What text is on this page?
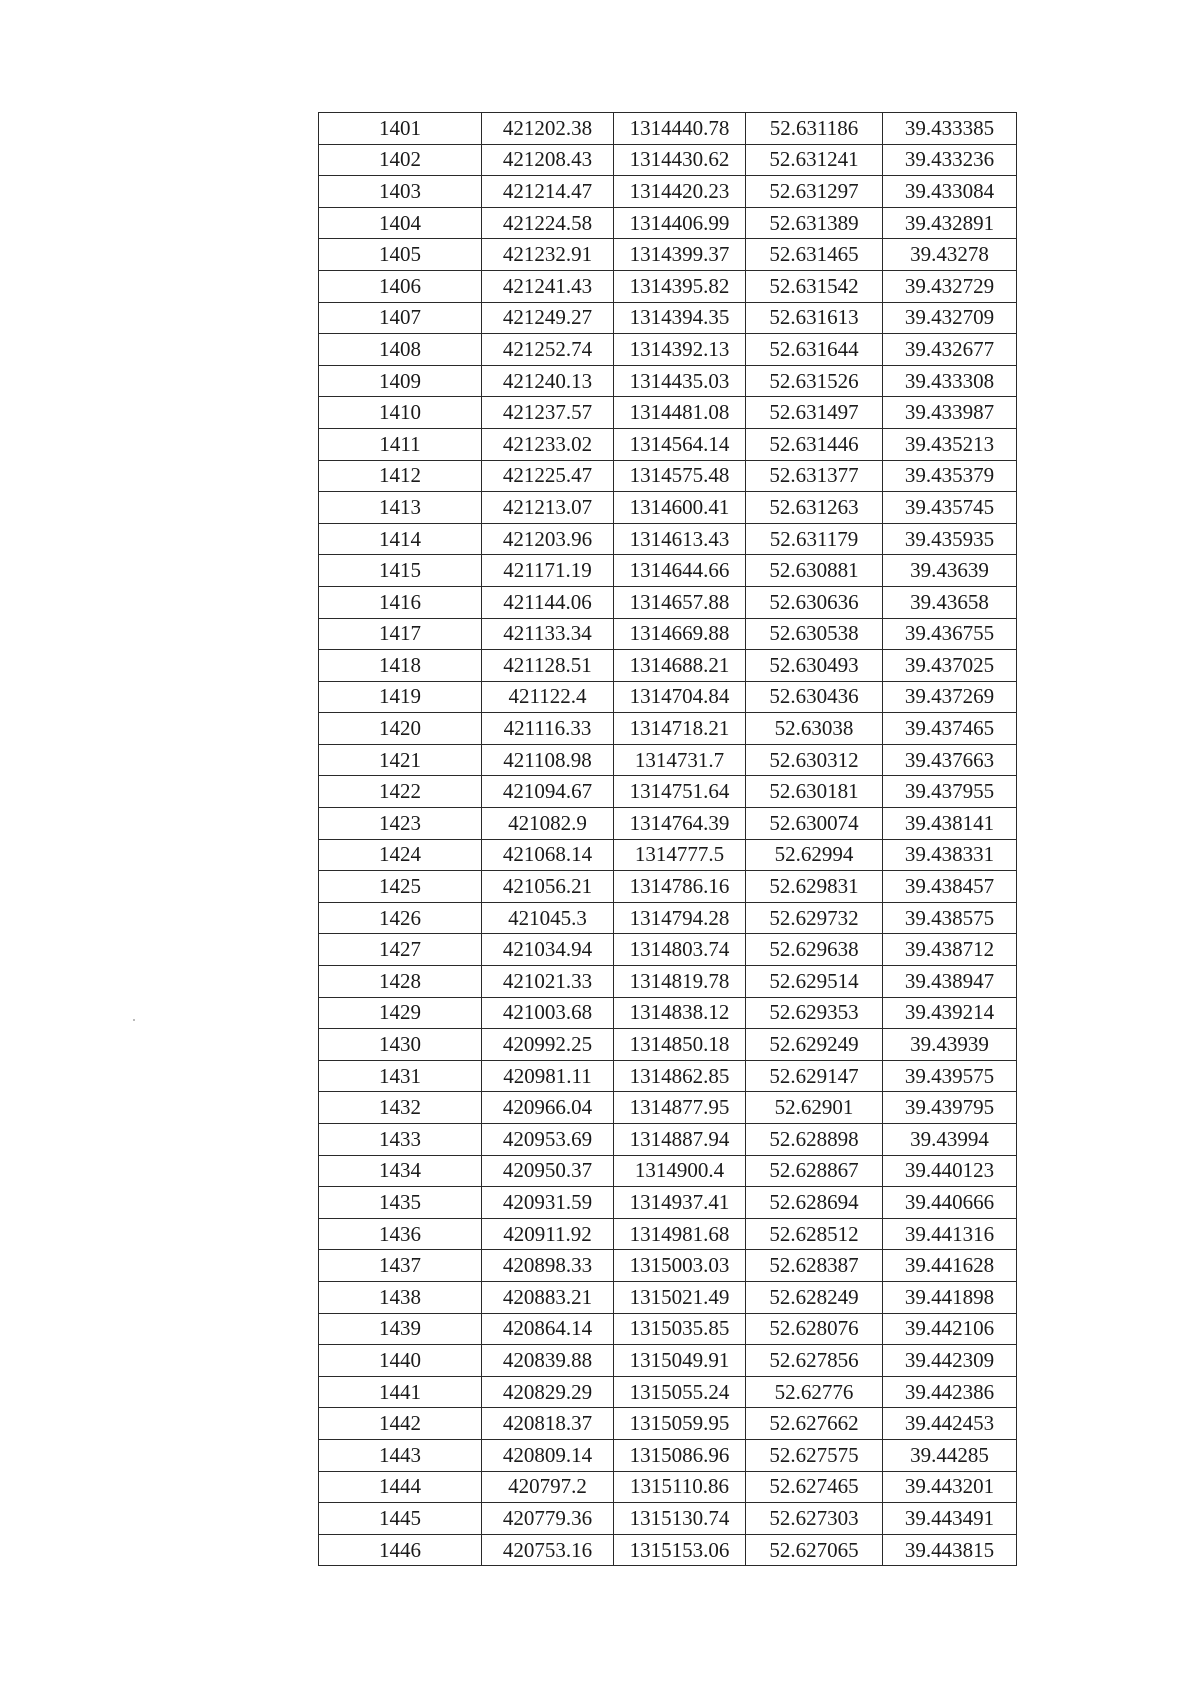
1401	421202.38	1314440.78	52.631186	39.433385
1402	421208.43	1314430.62	52.631241	39.433236
1403	421214.47	1314420.23	52.631297	39.433084
1404	421224.58	1314406.99	52.631389	39.432891
1405	421232.91	1314399.37	52.631465	39.43278
1406	421241.43	1314395.82	52.631542	39.432729
1407	421249.27	1314394.35	52.631613	39.432709
1408	421252.74	1314392.13	52.631644	39.432677
1409	421240.13	1314435.03	52.631526	39.433308
1410	421237.57	1314481.08	52.631497	39.433987
1411	421233.02	1314564.14	52.631446	39.435213
1412	421225.47	1314575.48	52.631377	39.435379
1413	421213.07	1314600.41	52.631263	39.435745
1414	421203.96	1314613.43	52.631179	39.435935
1415	421171.19	1314644.66	52.630881	39.43639
1416	421144.06	1314657.88	52.630636	39.43658
1417	421133.34	1314669.88	52.630538	39.436755
1418	421128.51	1314688.21	52.630493	39.437025
1419	421122.4	1314704.84	52.630436	39.437269
1420	421116.33	1314718.21	52.63038	39.437465
1421	421108.98	1314731.7	52.630312	39.437663
1422	421094.67	1314751.64	52.630181	39.437955
1423	421082.9	1314764.39	52.630074	39.438141
1424	421068.14	1314777.5	52.62994	39.438331
1425	421056.21	1314786.16	52.629831	39.438457
1426	421045.3	1314794.28	52.629732	39.438575
1427	421034.94	1314803.74	52.629638	39.438712
1428	421021.33	1314819.78	52.629514	39.438947
1429	421003.68	1314838.12	52.629353	39.439214
1430	420992.25	1314850.18	52.629249	39.43939
1431	420981.11	1314862.85	52.629147	39.439575
1432	420966.04	1314877.95	52.62901	39.439795
1433	420953.69	1314887.94	52.628898	39.43994
1434	420950.37	1314900.4	52.628867	39.440123
1435	420931.59	1314937.41	52.628694	39.440666
1436	420911.92	1314981.68	52.628512	39.441316
1437	420898.33	1315003.03	52.628387	39.441628
1438	420883.21	1315021.49	52.628249	39.441898
1439	420864.14	1315035.85	52.628076	39.442106
1440	420839.88	1315049.91	52.627856	39.442309
1441	420829.29	1315055.24	52.62776	39.442386
1442	420818.37	1315059.95	52.627662	39.442453
1443	420809.14	1315086.96	52.627575	39.44285
1444	420797.2	1315110.86	52.627465	39.443201
1445	420779.36	1315130.74	52.627303	39.443491
1446	420753.16	1315153.06	52.627065	39.443815
